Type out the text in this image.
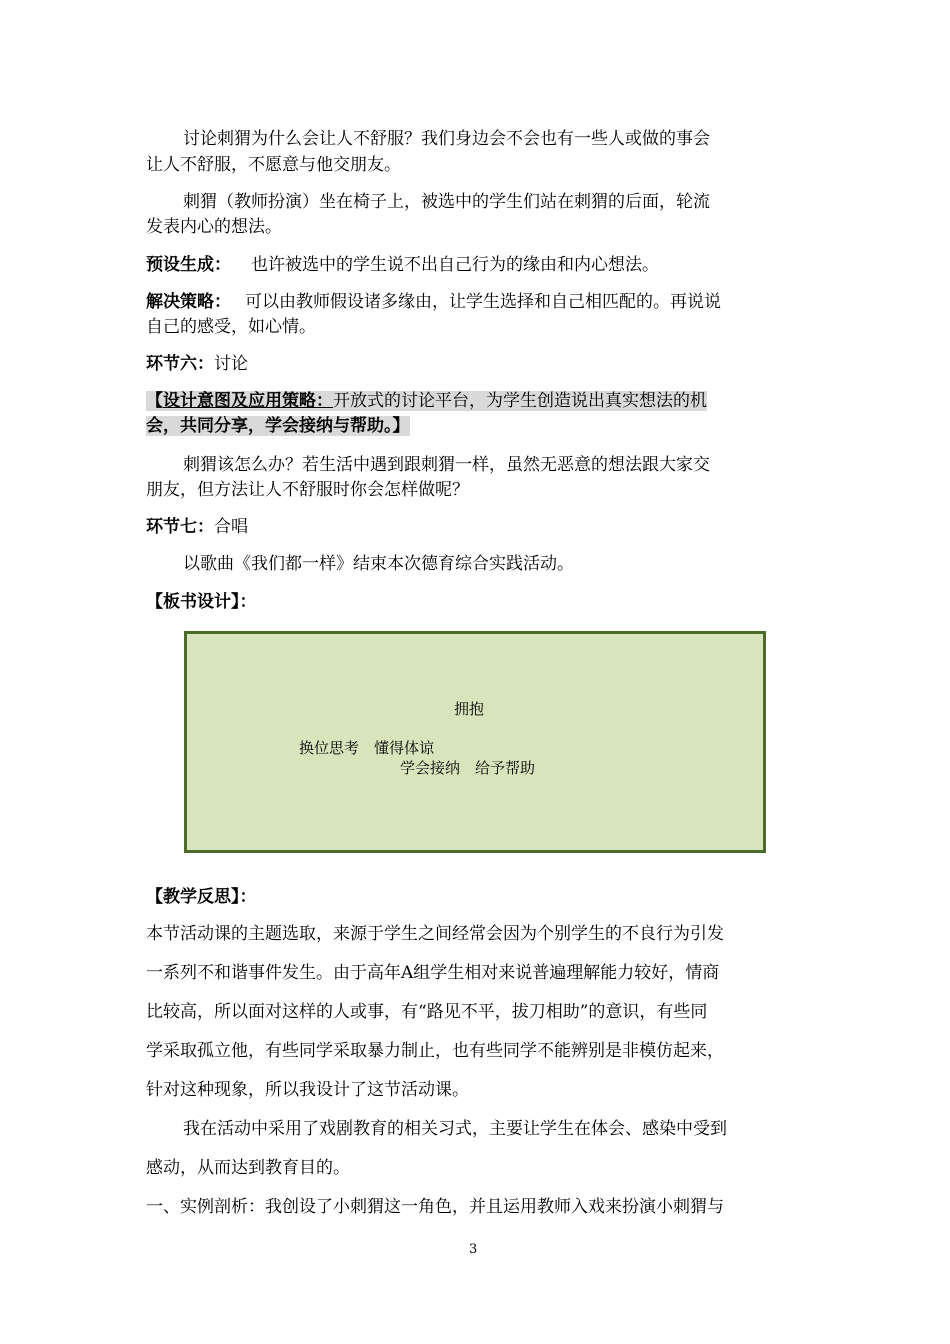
讨论刺猬为什么会让人不舒服？我们身边会不会也有一些人或做的事会
让人不舒服，不愿意与他交朋友。
刺猬（教师扮演）坐在椅子上，被选中的学生们站在刺猬的后面，轮流
发表内心的想法。
预设生成： 也许被选中的学生说不出自己行为的缘由和内心想法。
解决策略： 可以由教师假设诸多缘由，让学生选择和自己相匹配的。再说说
自己的感受，如心情。
环节六：讨论
【设计意图及应用策略：开放式的讨论平台，为学生创造说出真实想法的机
会，共同分享，学会接纳与帮助。】
刺猬该怎么办？若生活中遇到跟刺猬一样，虽然无恶意的想法跟大家交
朋友，但方法让人不舒服时你会怎样做呢？
环节七：合唱
以歌曲《我们都一样》结束本次德育综合实践活动。
【板书设计】：
拥抱
换位思考　懂得体谅
学会接纳　给予帮助
【教学反思】：
本节活动课的主题选取，来源于学生之间经常会因为个别学生的不良行为引发
一系列不和谐事件发生。由于高年A组学生相对来说普遍理解能力较好，情商
比较高，所以面对这样的人或事，有“路见不平，拔刀相助”的意识，有些同
学采取孤立他，有些同学采取暴力制止，也有些同学不能辨别是非模仿起来，
针对这种现象，所以我设计了这节活动课。
我在活动中采用了戏剧教育的相关习式，主要让学生在体会、感染中受到
感动，从而达到教育目的。
一、实例剖析：我创设了小刺猬这一角色，并且运用教师入戏来扮演小刺猬与
3
